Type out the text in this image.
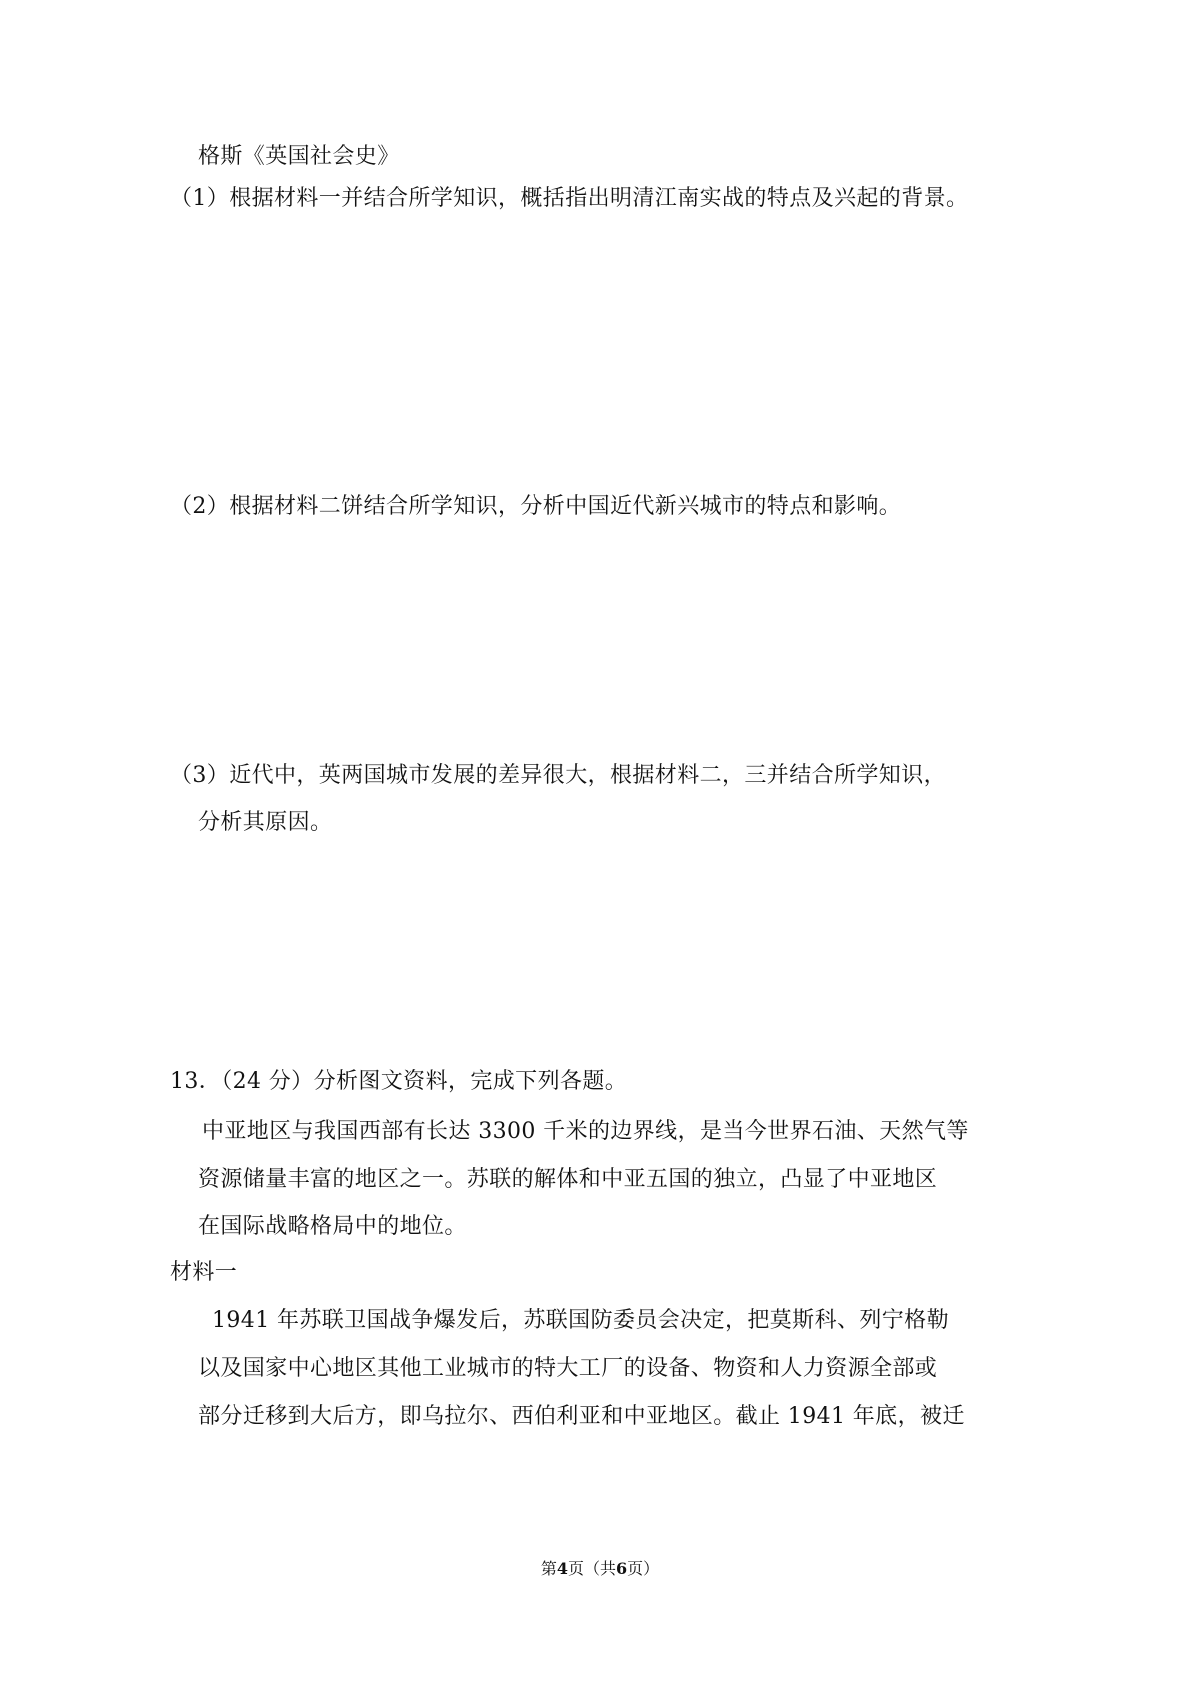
格斯《英国社会史》
（1）根据材料一并结合所学知识，概括指出明清江南实战的特点及兴起的背景。
（2）根据材料二饼结合所学知识，分析中国近代新兴城市的特点和影响。
（3）近代中，英两国城市发展的差异很大，根据材料二，三并结合所学知识，
分析其原因。
13．（24 分）分析图文资料，完成下列各题。
中亚地区与我国西部有长达 3300 千米的边界线，是当今世界石油、天然气等
资源储量丰富的地区之一。苏联的解体和中亚五国的独立，凸显了中亚地区
在国际战略格局中的地位。
材料一
1941 年苏联卫国战争爆发后，苏联国防委员会决定，把莫斯科、列宁格勒
以及国家中心地区其他工业城市的特大工厂的设备、物资和人力资源全部或
部分迁移到大后方，即乌拉尔、西伯利亚和中亚地区。截止 1941 年底，被迁
第4页（共6页）
